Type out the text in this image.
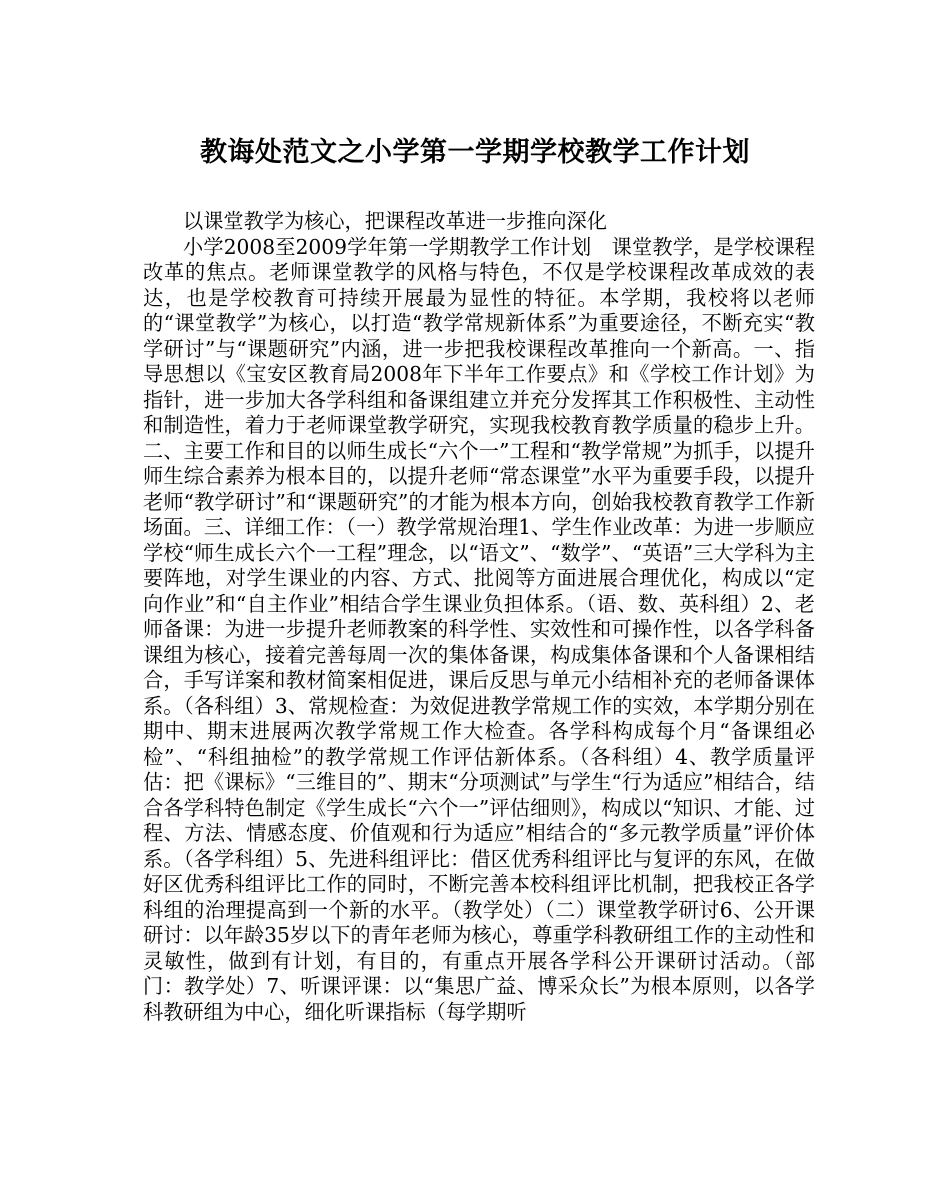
教诲处范文之小学第一学期学校教学工作计划

以课堂教学为核心，把课程改革进一步推向深化

小学2008至2009学年第一学期教学工作计划　课堂教学，是学校课程改革的焦点。老师课堂教学的风格与特色，不仅是学校课程改革成效的表达，也是学校教育可持续开展最为显性的特征。本学期，我校将以老师的“课堂教学”为核心，以打造“教学常规新体系”为重要途径，不断充实“教学研讨”与“课题研究”内涵，进一步把我校课程改革推向一个新高。一、指导思想以《宝安区教育局2008年下半年工作要点》和《学校工作计划》为指针，进一步加大各学科组和备课组建立并充分发挥其工作积极性、主动性和制造性，着力于老师课堂教学研究，实现我校教育教学质量的稳步上升。二、主要工作和目的以师生成长“六个一”工程和“教学常规”为抓手，以提升师生综合素养为根本目的，以提升老师“常态课堂”水平为重要手段，以提升老师“教学研讨”和“课题研究”的才能为根本方向，创始我校教育教学工作新场面。三、详细工作：（一）教学常规治理1、学生作业改革：为进一步顺应学校“师生成长六个一工程”理念，以“语文”、“数学”、“英语”三大学科为主要阵地，对学生课业的内容、方式、批阅等方面进展合理优化，构成以“定向作业”和“自主作业”相结合学生课业负担体系。（语、数、英科组）2、老师备课：为进一步提升老师教案的科学性、实效性和可操作性，以各学科备课组为核心，接着完善每周一次的集体备课，构成集体备课和个人备课相结合，手写详案和教材简案相促进，课后反思与单元小结相补充的老师备课体系。（各科组）3、常规检查：为效促进教学常规工作的实效，本学期分别在期中、期末进展两次教学常规工作大检查。各学科构成每个月“备课组必检”、“科组抽检”的教学常规工作评估新体系。（各科组）4、教学质量评估：把《课标》“三维目的”、期末“分项测试”与学生“行为适应”相结合，结合各学科特色制定《学生成长“六个一”评估细则》，构成以“知识、才能、过程、方法、情感态度、价值观和行为适应”相结合的“多元教学质量”评价体系。（各学科组）5、先进科组评比：借区优秀科组评比与复评的东风，在做好区优秀科组评比工作的同时，不断完善本校科组评比机制，把我校正各学科组的治理提高到一个新的水平。（教学处）（二）课堂教学研讨6、公开课研讨：以年龄35岁以下的青年老师为核心，尊重学科教研组工作的主动性和灵敏性，做到有计划，有目的，有重点开展各学科公开课研讨活动。（部门：教学处）7、听课评课：以“集思广益、博采众长”为根本原则，以各学科教研组为中心，细化听课指标（每学期听
